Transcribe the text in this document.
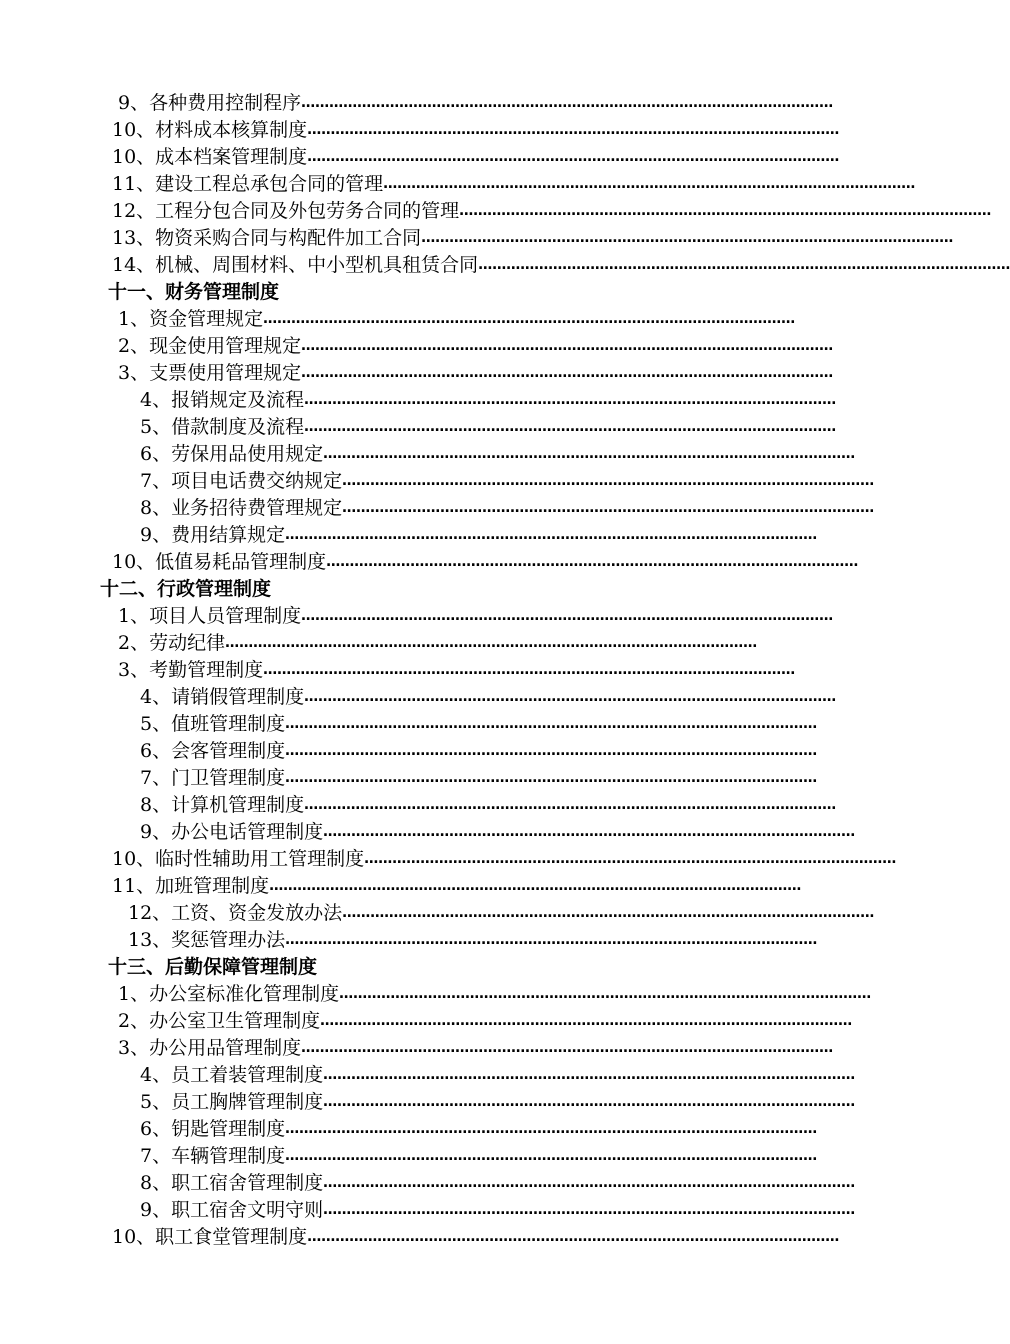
9、各种费用控制程序 ……………………………………………………………………………………………………
10、材料成本核算制度 ……………………………………………………………………………………………………
10、成本档案管理制度 ……………………………………………………………………………………………………
11、建设工程总承包合同的管理 ……………………………………………………………………………………………………
12、工程分包合同及外包劳务合同的管理 ……………………………………………………………………………………………………
13、物资采购合同与构配件加工合同 ……………………………………………………………………………………………………
14、机械、周围材料、中小型机具租赁合同 ……………………………………………………………………………………………………
十一、财务管理制度
1、资金管理规定 ……………………………………………………………………………………………………
2、现金使用管理规定 ……………………………………………………………………………………………………
3、支票使用管理规定 ……………………………………………………………………………………………………
4、报销规定及流程 ……………………………………………………………………………………………………
5、借款制度及流程 ……………………………………………………………………………………………………
6、劳保用品使用规定 ……………………………………………………………………………………………………
7、项目电话费交纳规定 ……………………………………………………………………………………………………
8、业务招待费管理规定 ……………………………………………………………………………………………………
9、费用结算规定 ……………………………………………………………………………………………………
10、低值易耗品管理制度 ……………………………………………………………………………………………………
十二、行政管理制度
1、项目人员管理制度 ……………………………………………………………………………………………………
2、劳动纪律 ……………………………………………………………………………………………………
3、考勤管理制度 ……………………………………………………………………………………………………
4、请销假管理制度 ……………………………………………………………………………………………………
5、值班管理制度 ……………………………………………………………………………………………………
6、会客管理制度 ……………………………………………………………………………………………………
7、门卫管理制度 ……………………………………………………………………………………………………
8、计算机管理制度 ……………………………………………………………………………………………………
9、办公电话管理制度 ……………………………………………………………………………………………………
10、临时性辅助用工管理制度 ……………………………………………………………………………………………………
11、加班管理制度 ……………………………………………………………………………………………………
12、工资、资金发放办法 ……………………………………………………………………………………………………
13、奖惩管理办法 ……………………………………………………………………………………………………
十三、后勤保障管理制度
1、办公室标准化管理制度 ……………………………………………………………………………………………………
2、办公室卫生管理制度 ……………………………………………………………………………………………………
3、办公用品管理制度 ……………………………………………………………………………………………………
4、员工着装管理制度 ……………………………………………………………………………………………………
5、员工胸牌管理制度 ……………………………………………………………………………………………………
6、钥匙管理制度 ……………………………………………………………………………………………………
7、车辆管理制度 ……………………………………………………………………………………………………
8、职工宿舍管理制度 ……………………………………………………………………………………………………
9、职工宿舍文明守则 ……………………………………………………………………………………………………
10、职工食堂管理制度 ……………………………………………………………………………………………………
